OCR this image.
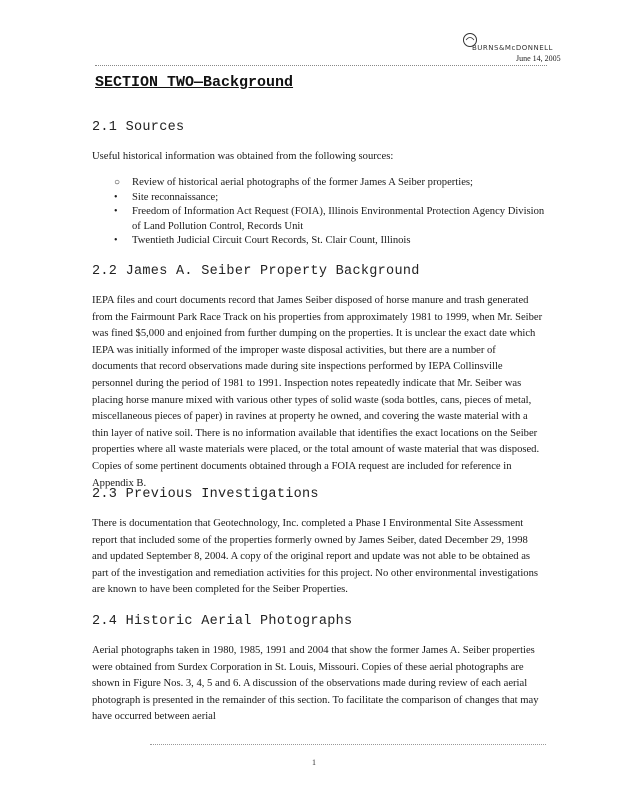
BURNS&McDONNELL
June 14, 2005
SECTION TWO—Background
2.1 Sources
Useful historical information was obtained from the following sources:
○ Review of historical aerial photographs of the former James A Seiber properties;
• Site reconnaissance;
• Freedom of Information Act Request (FOIA), Illinois Environmental Protection Agency Division of Land Pollution Control, Records Unit
• Twentieth Judicial Circuit Court Records, St. Clair Count, Illinois
2.2 James A. Seiber Property Background
IEPA files and court documents record that James Seiber disposed of horse manure and trash generated from the Fairmount Park Race Track on his properties from approximately 1981 to 1999, when Mr. Seiber was fined $5,000 and enjoined from further dumping on the properties. It is unclear the exact date which IEPA was initially informed of the improper waste disposal activities, but there are a number of documents that record observations made during site inspections performed by IEPA Collinsville personnel during the period of 1981 to 1991. Inspection notes repeatedly indicate that Mr. Seiber was placing horse manure mixed with various other types of solid waste (soda bottles, cans, pieces of metal, miscellaneous pieces of paper) in ravines at property he owned, and covering the waste material with a thin layer of native soil. There is no information available that identifies the exact locations on the Seiber properties where all waste materials were placed, or the total amount of waste material that was disposed. Copies of some pertinent documents obtained through a FOIA request are included for reference in Appendix B.
2.3 Previous Investigations
There is documentation that Geotechnology, Inc. completed a Phase I Environmental Site Assessment report that included some of the properties formerly owned by James Seiber, dated December 29, 1998 and updated September 8, 2004. A copy of the original report and update was not able to be obtained as part of the investigation and remediation activities for this project. No other environmental investigations are known to have been completed for the Seiber Properties.
2.4 Historic Aerial Photographs
Aerial photographs taken in 1980, 1985, 1991 and 2004 that show the former James A. Seiber properties were obtained from Surdex Corporation in St. Louis, Missouri. Copies of these aerial photographs are shown in Figure Nos. 3, 4, 5 and 6. A discussion of the observations made during review of each aerial photograph is presented in the remainder of this section. To facilitate the comparison of changes that may have occurred between aerial
1
